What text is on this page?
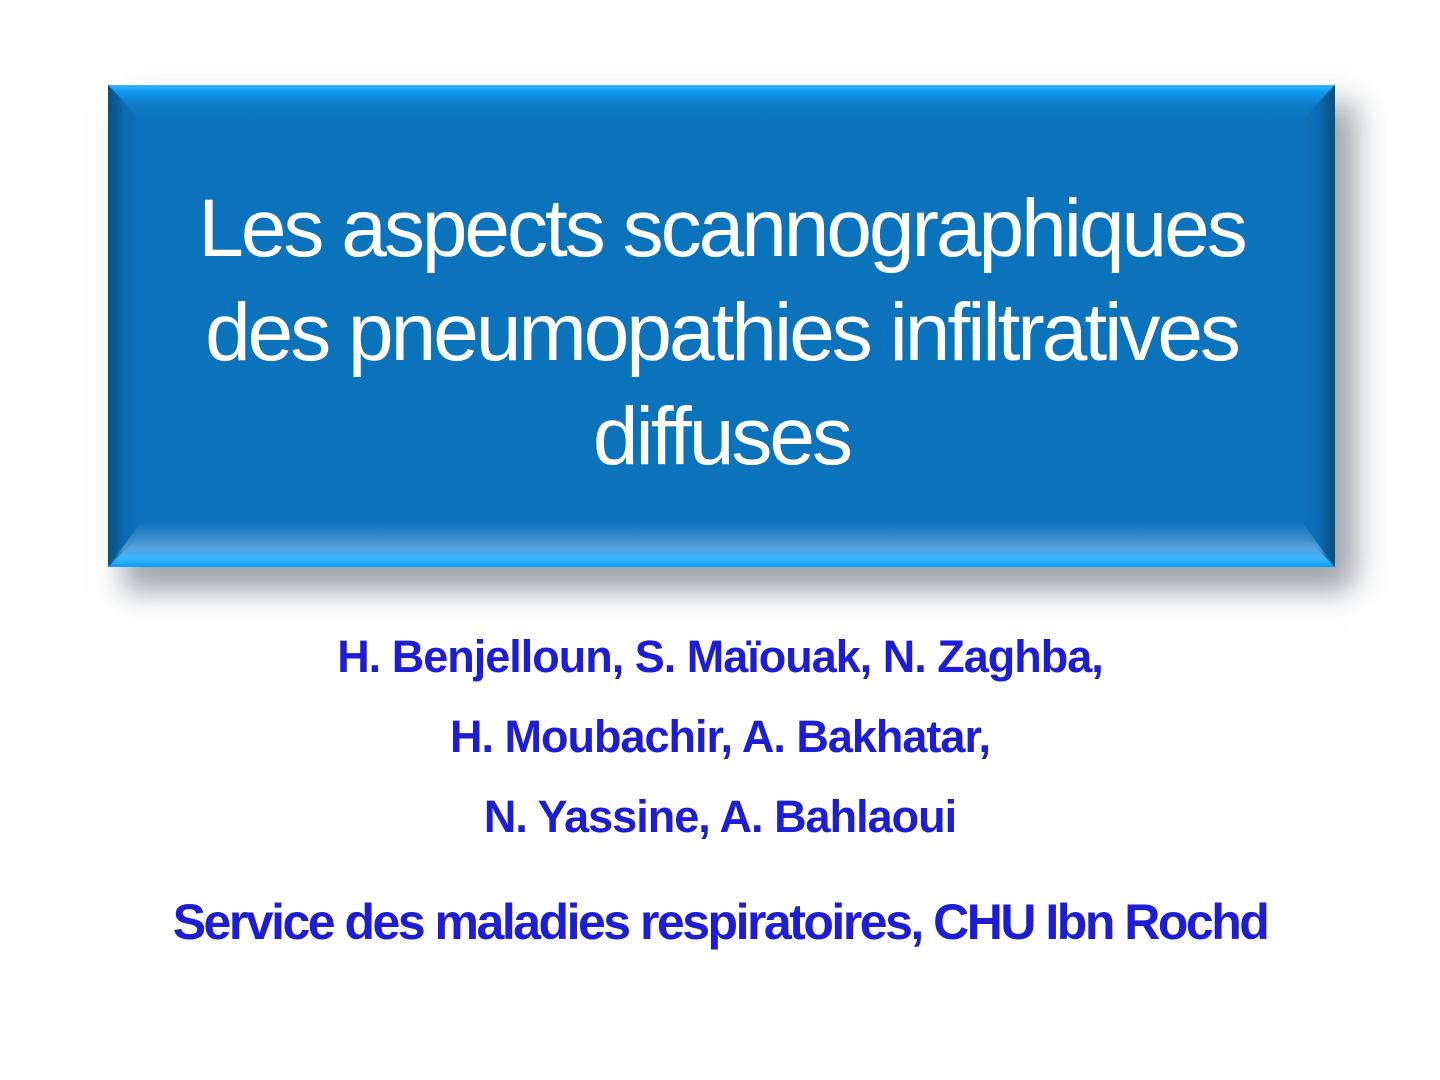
Les aspects scannographiques
des pneumopathies infiltratives
diffuses
H. Benjelloun, S. Maïouak, N. Zaghba,
H. Moubachir, A. Bakhatar,
N. Yassine, A. Bahlaoui

Service des maladies respiratoires, CHU Ibn Rochd
